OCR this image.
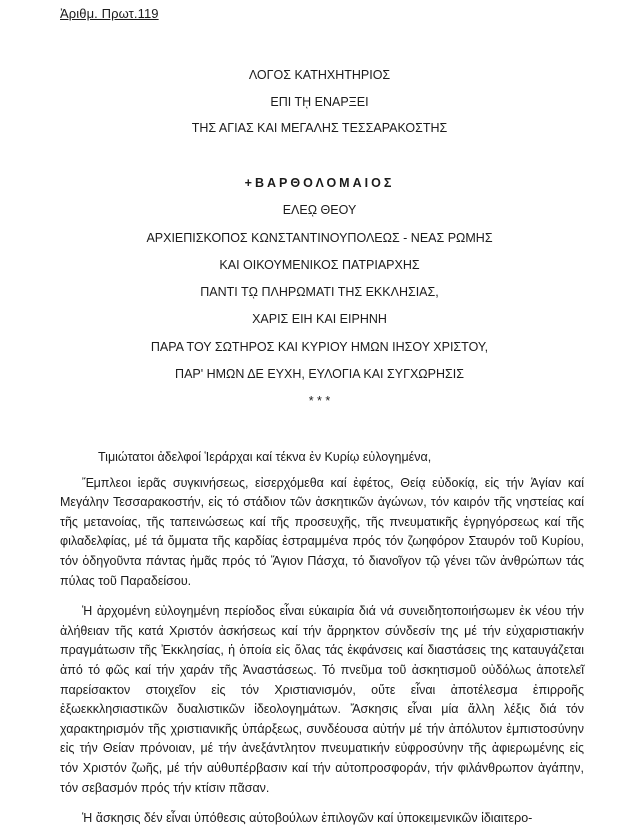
Ἀριθμ. Πρωτ.119
ΛΟΓΟΣ ΚΑΤΗΧΗΤΗΡΙΟΣ
ΕΠΙ Τῌ ΕΝΑΡΞΕΙ
ΤΗΣ ΑΓΙΑΣ ΚΑΙ ΜΕΓΑΛΗΣ ΤΕΣΣΑΡΑΚΟΣΤΗΣ
+ΒΑΡΘΟΛΟΜΑΙΟΣ
ΕΛΕῼ ΘΕΟΥ
ΑΡΧΙΕΠΙΣΚΟΠΟΣ ΚΩΝΣΤΑΝΤΙΝΟΥΠΟΛΕΩΣ - ΝΕΑΣ ΡΩΜΗΣ
ΚΑΙ ΟΙΚΟΥΜΕΝΙΚΟΣ ΠΑΤΡΙΑΡΧΗΣ
ΠΑΝΤΙ Τῼ ΠΛΗΡΩΜΑΤΙ ΤΗΣ ΕΚΚΛΗΣΙΑΣ,
ΧΑΡΙΣ ΕΙΗ ΚΑΙ ΕΙΡΗΝΗ
ΠΑΡΑ ΤΟΥ ΣΩΤΗΡΟΣ ΚΑΙ ΚΥΡΙΟΥ ΗΜΩΝ ΙΗΣΟΥ ΧΡΙΣΤΟΥ,
ΠΑΡ' ΗΜΩΝ ΔΕ ΕΥΧΗ, ΕΥΛΟΓΙΑ ΚΑΙ ΣΥΓΧΩΡΗΣΙΣ
* * *

Τιμιώτατοι ἀδελφοί Ἱεράρχαι καί τέκνα ἐν Κυρίῳ εὐλογημένα,

Ἔμπλεοι ἱερᾶς συγκινήσεως, εἰσερχόμεθα καί ἐφέτος, Θείᾳ εὐδοκίᾳ, εἰς τήν Ἁγίαν καί Μεγάλην Τεσσαρακοστήν, εἰς τό στάδιον τῶν ἀσκητικῶν ἀγώνων, τόν καιρόν τῆς νηστείας καί τῆς μετανοίας, τῆς ταπεινώσεως καί τῆς προσευχῆς, τῆς πνευματικῆς ἐγρηγόρσεως καί τῆς φιλαδελφίας, μέ τά ὄμματα τῆς καρδίας ἐστραμμένα πρός τόν ζωηφόρον Σταυρόν τοῦ Κυρίου, τόν ὁδηγοῦντα πάντας ἡμᾶς πρός τό Ἅγιον Πάσχα, τό διανοῖγον τῷ γένει τῶν ἀνθρώπων τάς πύλας τοῦ Παραδείσου.

Ἡ ἀρχομένη εὐλογημένη περίοδος εἶναι εὐκαιρία διά νά συνειδητοποιήσωμεν ἐκ νέου τήν ἀλήθειαν τῆς κατά Χριστόν ἀσκήσεως καί τήν ἄρρηκτον σύνδεσίν της μέ τήν εὐχαριστιακήν πραγμάτωσιν τῆς Ἐκκλησίας, ἡ ὁποία εἰς ὅλας τάς ἐκφάνσεις καί διαστάσεις της καταυγάζεται ἀπό τό φῶς καί τήν χαράν τῆς Ἀναστάσεως. Τό πνεῦμα τοῦ ἀσκητισμοῦ οὐδόλως ἀποτελεῖ παρείσακτον στοιχεῖον εἰς τόν Χριστιανισμόν, οὔτε εἶναι ἀποτέλεσμα ἐπιρροῆς ἐξωεκκλησιαστικῶν δυαλιστικῶν ἰδεολογημάτων. Ἄσκησις εἶναι μία ἄλλη λέξις διά τόν χαρακτηρισμόν τῆς χριστιανικῆς ὑπάρξεως, συνδέουσα αὐτήν μέ τήν ἀπόλυτον ἐμπιστοσύνην εἰς τήν Θείαν πρόνοιαν, μέ τήν ἀνεξάντλητον πνευματικήν εὐφροσύνην τῆς ἀφιερωμένης εἰς τόν Χριστόν ζωῆς, μέ τήν αὐθυπέρβασιν καί τήν αὐτοπροσφοράν, τήν φιλάνθρωπον ἀγάπην, τόν σεβασμόν πρός τήν κτίσιν πᾶσαν.

Ἡ ἄσκησις δέν εἶναι ὑπόθεσις αὐτοβούλων ἐπιλογῶν καί ὑποκειμενικῶν ἰδιαιτερο-
